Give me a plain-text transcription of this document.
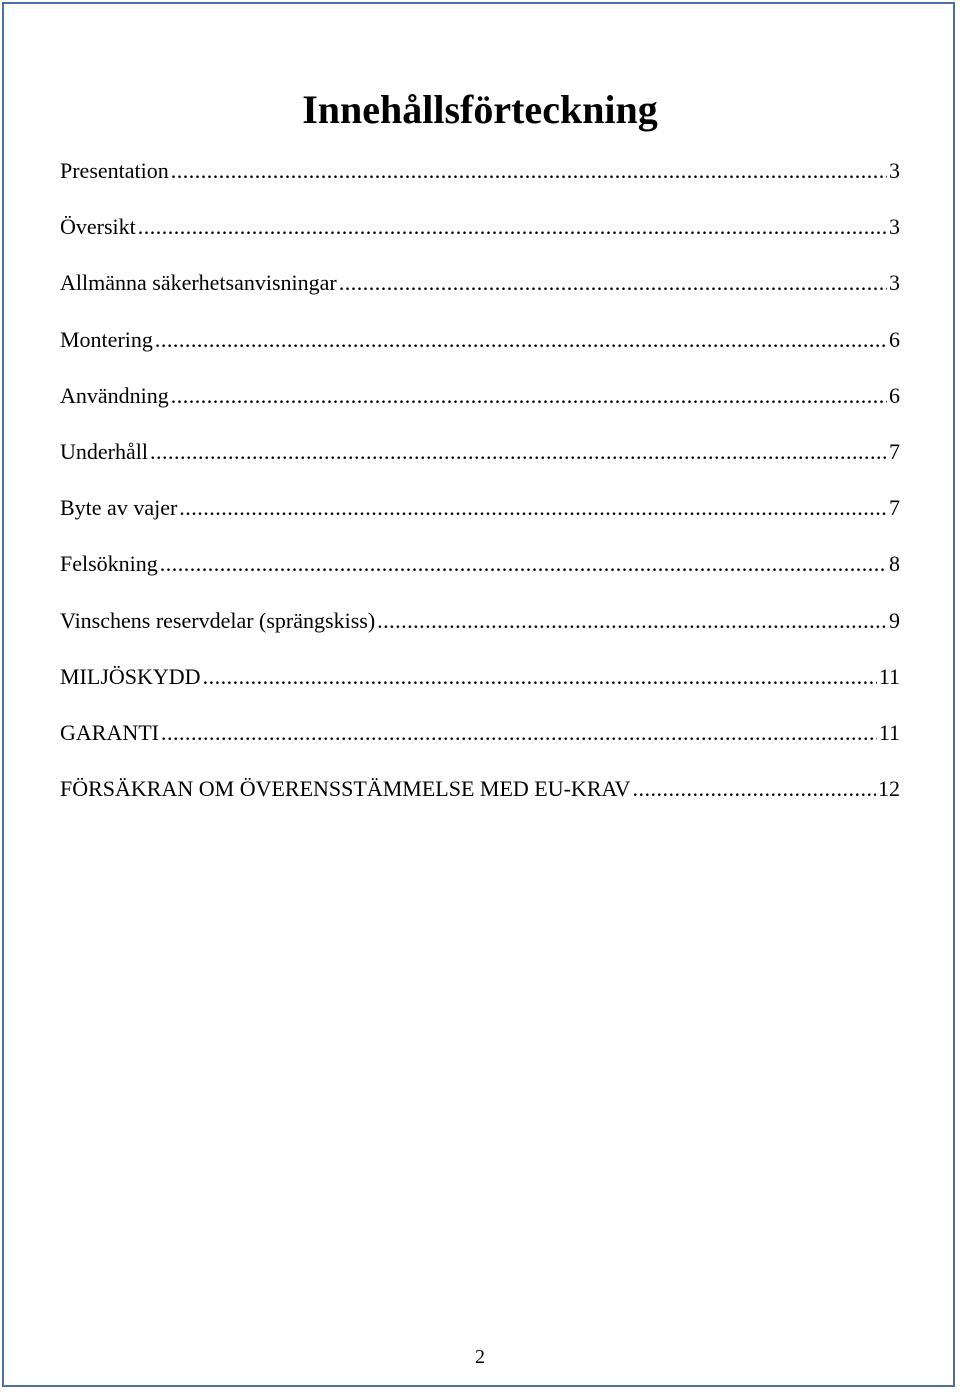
Innehållsförteckning
Presentation .....	3
Översikt .....	3
Allmänna säkerhetsanvisningar .....	3
Montering .....	6
Användning .....	6
Underhåll .....	7
Byte av vajer .....	7
Felsökning .....	8
Vinschens reservdelar (sprängskiss) .....	9
MILJÖSKYDD .....	11
GARANTI .....	11
FÖRSÄKRAN OM ÖVERENSSTÄMMELSE MED EU-KRAV .....	12
2
